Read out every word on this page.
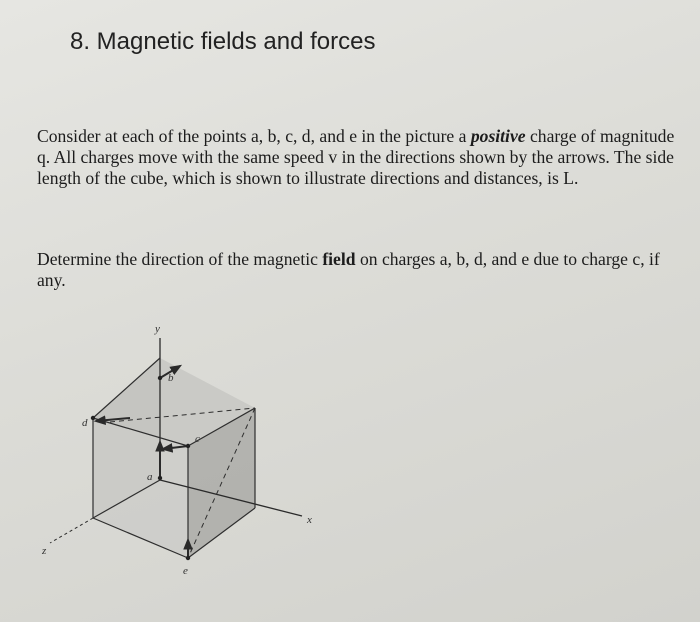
8. Magnetic fields and forces

Consider at each of the points a, b, c, d, and e in the picture a positive charge of magnitude q. All charges move with the same speed v in the directions shown by the arrows. The side length of the cube, which is shown to illustrate directions and distances, is L.

Determine the direction of the magnetic field on charges a, b, d, and e due to charge c, if any.

y
x
z
b
d
c
a
e
